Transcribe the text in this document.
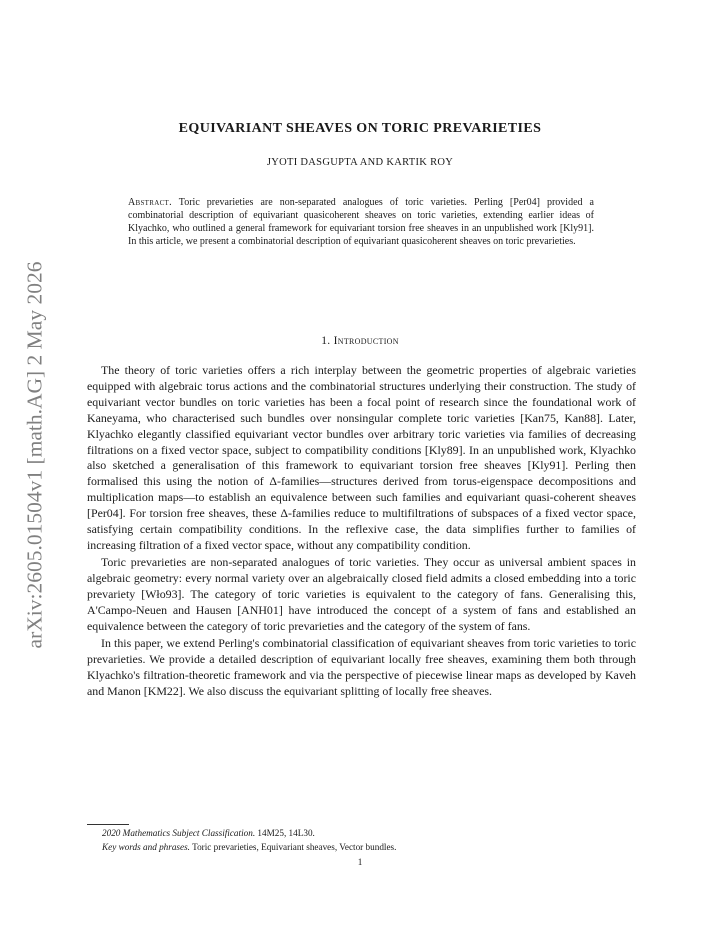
arXiv:2605.01504v1 [math.AG] 2 May 2026
EQUIVARIANT SHEAVES ON TORIC PREVARIETIES
JYOTI DASGUPTA AND KARTIK ROY
Abstract. Toric prevarieties are non-separated analogues of toric varieties. Perling [Per04] provided a combinatorial description of equivariant quasicoherent sheaves on toric varieties, extending earlier ideas of Klyachko, who outlined a general framework for equivariant torsion free sheaves in an unpublished work [Kly91]. In this article, we present a combinatorial description of equivariant quasicoherent sheaves on toric prevarieties.
1. Introduction

The theory of toric varieties offers a rich interplay between the geometric properties of algebraic varieties equipped with algebraic torus actions and the combinatorial structures underlying their construction. The study of equivariant vector bundles on toric varieties has been a focal point of research since the foundational work of Kaneyama, who characterised such bundles over nonsingular complete toric varieties [Kan75, Kan88]. Later, Klyachko elegantly classified equivariant vector bundles over arbitrary toric varieties via families of decreasing filtrations on a fixed vector space, subject to compatibility conditions [Kly89]. In an unpublished work, Klyachko also sketched a generalisation of this framework to equivariant torsion free sheaves [Kly91]. Perling then formalised this using the notion of Δ-families—structures derived from torus-eigenspace decompositions and multiplication maps—to establish an equivalence between such families and equivariant quasi-coherent sheaves [Per04]. For torsion free sheaves, these Δ-families reduce to multifiltrations of subspaces of a fixed vector space, satisfying certain compatibility conditions. In the reflexive case, the data simplifies further to families of increasing filtration of a fixed vector space, without any compatibility condition.

Toric prevarieties are non-separated analogues of toric varieties. They occur as universal ambient spaces in algebraic geometry: every normal variety over an algebraically closed field admits a closed embedding into a toric prevariety [Wło93]. The category of toric varieties is equivalent to the category of fans. Generalising this, A'Campo-Neuen and Hausen [ANH01] have introduced the concept of a system of fans and established an equivalence between the category of toric prevarieties and the category of the system of fans.

In this paper, we extend Perling's combinatorial classification of equivariant sheaves from toric varieties to toric prevarieties. We provide a detailed description of equivariant locally free sheaves, examining them both through Klyachko's filtration-theoretic framework and via the perspective of piecewise linear maps as developed by Kaveh and Manon [KM22]. We also discuss the equivariant splitting of locally free sheaves.

2020 Mathematics Subject Classification. 14M25, 14L30.
Key words and phrases. Toric prevarieties, Equivariant sheaves, Vector bundles.
1
